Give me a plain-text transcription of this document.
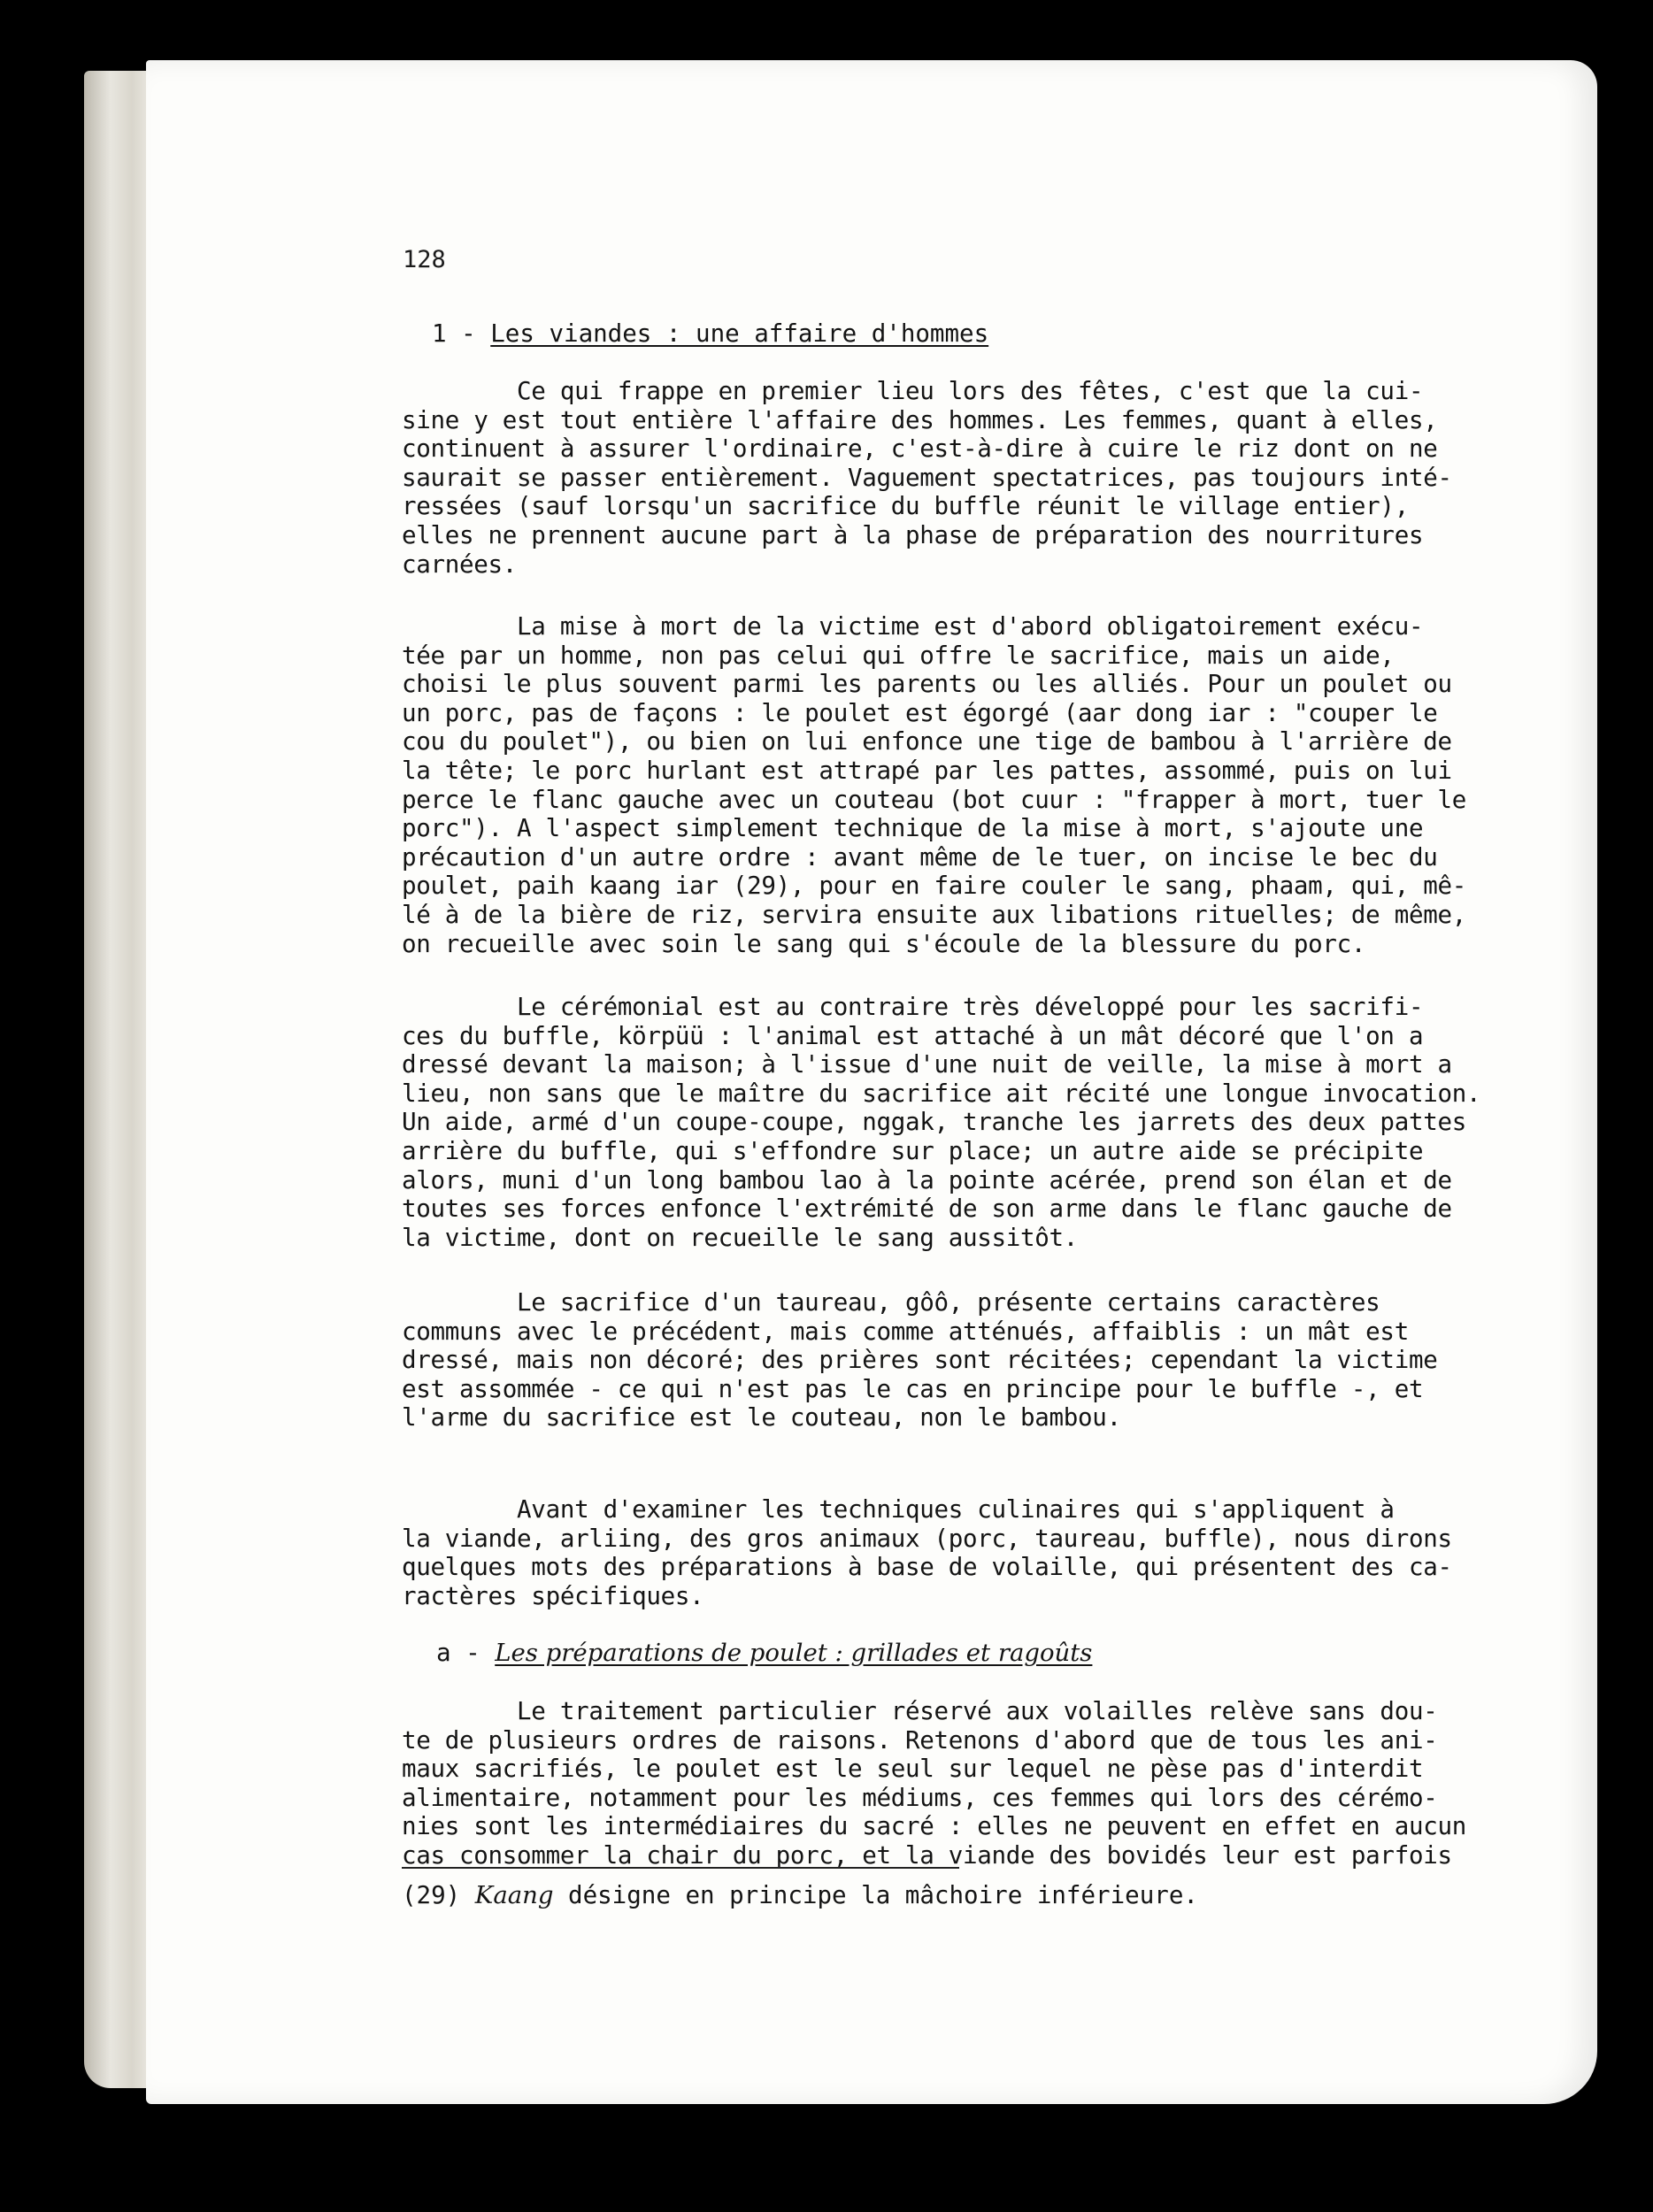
128
1 - Les viandes : une affaire d'hommes
Ce qui frappe en premier lieu lors des fêtes, c'est que la cui-
sine y est tout entière l'affaire des hommes. Les femmes, quant à elles,
continuent à assurer l'ordinaire, c'est-à-dire à cuire le riz dont on ne
saurait se passer entièrement. Vaguement spectatrices, pas toujours inté-
ressées (sauf lorsqu'un sacrifice du buffle réunit le village entier),
elles ne prennent aucune part à la phase de préparation des nourritures
carnées.
La mise à mort de la victime est d'abord obligatoirement exécu-
tée par un homme, non pas celui qui offre le sacrifice, mais un aide,
choisi le plus souvent parmi les parents ou les alliés. Pour un poulet ou
un porc, pas de façons : le poulet est égorgé (aar dong iar : "couper le
cou du poulet"), ou bien on lui enfonce une tige de bambou à l'arrière de
la tête; le porc hurlant est attrapé par les pattes, assommé, puis on lui
perce le flanc gauche avec un couteau (bot cuur : "frapper à mort, tuer le
porc"). A l'aspect simplement technique de la mise à mort, s'ajoute une
précaution d'un autre ordre : avant même de le tuer, on incise le bec du
poulet, paih kaang iar (29), pour en faire couler le sang, phaam, qui, mê-
lé à de la bière de riz, servira ensuite aux libations rituelles; de même,
on recueille avec soin le sang qui s'écoule de la blessure du porc.
Le cérémonial est au contraire très développé pour les sacrifi-
ces du buffle, körpüü : l'animal est attaché à un mât décoré que l'on a
dressé devant la maison; à l'issue d'une nuit de veille, la mise à mort a
lieu, non sans que le maître du sacrifice ait récité une longue invocation.
Un aide, armé d'un coupe-coupe, nggak, tranche les jarrets des deux pattes
arrière du buffle, qui s'effondre sur place; un autre aide se précipite
alors, muni d'un long bambou lao à la pointe acérée, prend son élan et de
toutes ses forces enfonce l'extrémité de son arme dans le flanc gauche de
la victime, dont on recueille le sang aussitôt.
Le sacrifice d'un taureau, gôô, présente certains caractères
communs avec le précédent, mais comme atténués, affaiblis : un mât est
dressé, mais non décoré; des prières sont récitées; cependant la victime
est assommée - ce qui n'est pas le cas en principe pour le buffle -, et
l'arme du sacrifice est le couteau, non le bambou.
Avant d'examiner les techniques culinaires qui s'appliquent à
la viande, arliing, des gros animaux (porc, taureau, buffle), nous dirons
quelques mots des préparations à base de volaille, qui présentent des ca-
ractères spécifiques.
a - Les préparations de poulet : grillades et ragoûts
Le traitement particulier réservé aux volailles relève sans dou-
te de plusieurs ordres de raisons. Retenons d'abord que de tous les ani-
maux sacrifiés, le poulet est le seul sur lequel ne pèse pas d'interdit
alimentaire, notamment pour les médiums, ces femmes qui lors des cérémo-
nies sont les intermédiaires du sacré : elles ne peuvent en effet en aucun
cas consommer la chair du porc, et la viande des bovidés leur est parfois
(29) Kaang désigne en principe la mâchoire inférieure.
